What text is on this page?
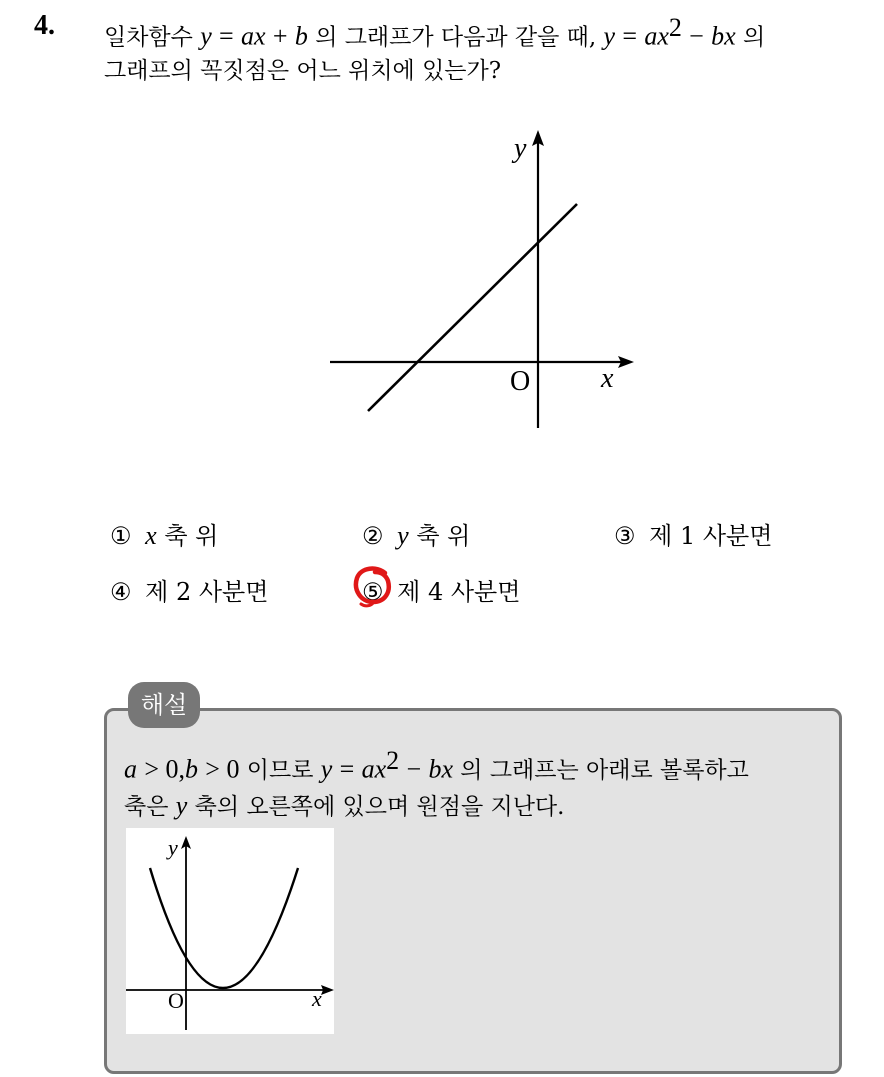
4. 일차함수 y = ax + b 의 그래프가 다음과 같을 때, $y = ax^2$ − bx 의
그래프의 꼭짓점은 어느 위치에 있는가?
y
x
O
① x 축 위	② y 축 위	③ 제 1 사분면
④ 제 2 사분면	⑤ 제 4 사분면
해설
a > 0,b > 0 이므로 $y = ax^2$ − bx 의 그래프는 아래로 볼록하고
축은 y 축의 오른쪽에 있으며 원점을 지난다.
y
x
O
